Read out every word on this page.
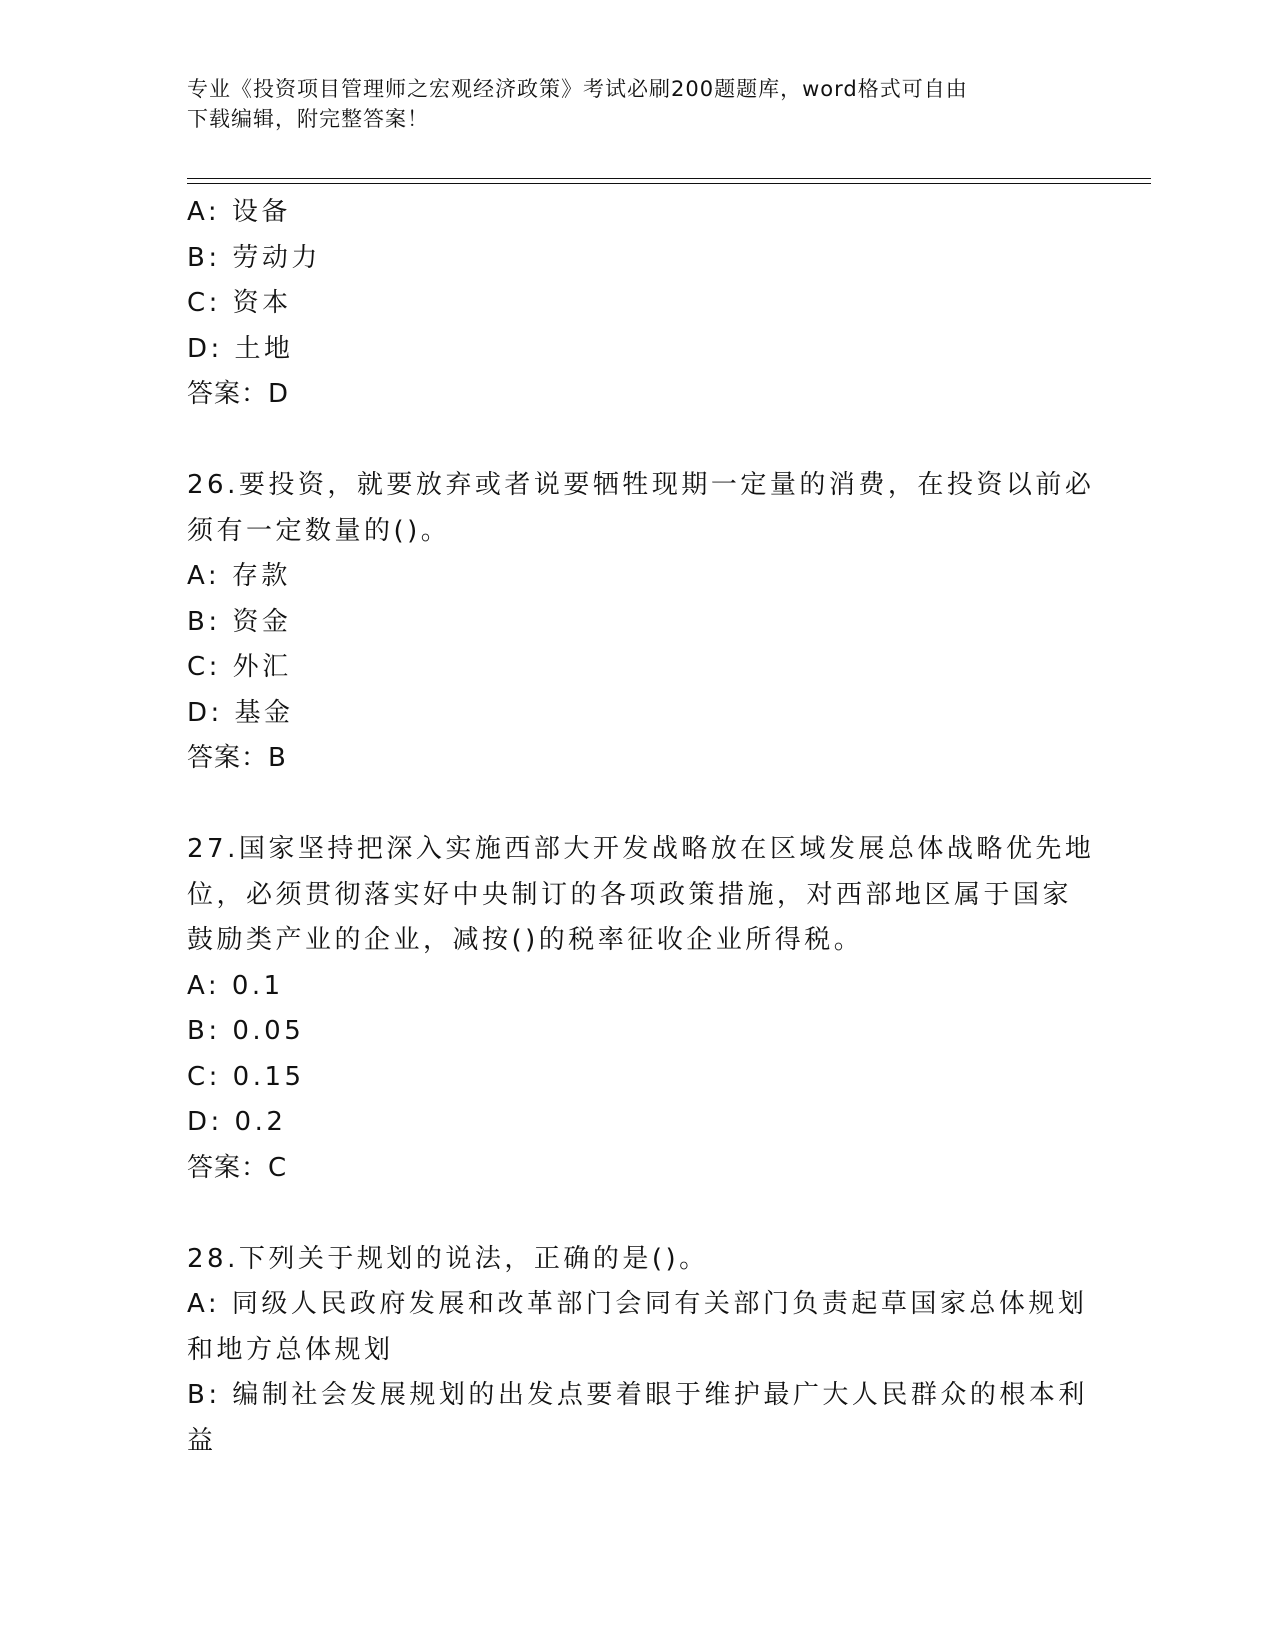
专业《投资项目管理师之宏观经济政策》考试必刷200题题库，word格式可自由
下载编辑，附完整答案！

A: 设备

B: 劳动力

C: 资本

D: 土地

答案：D

26.要投资，就要放弃或者说要牺牲现期一定量的消费，在投资以前必

须有一定数量的()。

A: 存款

B: 资金

C: 外汇

D: 基金

答案：B

27.国家坚持把深入实施西部大开发战略放在区域发展总体战略优先地

位，必须贯彻落实好中央制订的各项政策措施，对西部地区属于国家

鼓励类产业的企业，减按()的税率征收企业所得税。

A: 0.1

B: 0.05

C: 0.15

D: 0.2

答案：C

28.下列关于规划的说法，正确的是()。

A: 同级人民政府发展和改革部门会同有关部门负责起草国家总体规划

和地方总体规划

B: 编制社会发展规划的出发点要着眼于维护最广大人民群众的根本利

益
